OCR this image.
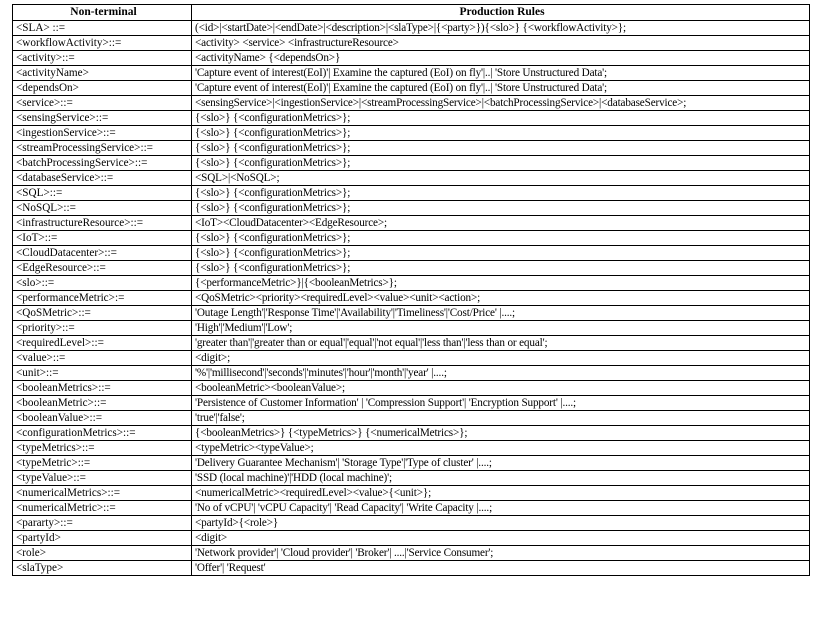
Non-terminal	Production Rules
<SLA> ::=	(<id>|<startDate>|<endDate>|<description>|<slaType>|{<party>}){<slo>} {<workflowActivity>};
<workflowActivity>::=	<activity> <service> <infrastructureResource>
<activity>::=	<activityName> {<dependsOn>}
<activityName>	'Capture event of interest(EoI)'| Examine the captured (EoI) on fly'|..| 'Store Unstructured Data';
<dependsOn>	'Capture event of interest(EoI)'| Examine the captured (EoI) on fly'|..| 'Store Unstructured Data';
<service>::=	<sensingService>|<ingestionService>|<streamProcessingService>|<batchProcessingService>|<databaseService>;
<sensingService>::=	{<slo>} {<configurationMetrics>};
<ingestionService>::=	{<slo>} {<configurationMetrics>};
<streamProcessingService>::=	{<slo>} {<configurationMetrics>};
<batchProcessingService>::=	{<slo>} {<configurationMetrics>};
<databaseService>::=	<SQL>|<NoSQL>;
<SQL>::=	{<slo>} {<configurationMetrics>};
<NoSQL>::=	{<slo>} {<configurationMetrics>};
<infrastructureResource>::=	<IoT><CloudDatacenter><EdgeResource>;
<IoT>::=	{<slo>} {<configurationMetrics>};
<CloudDatacenter>::=	{<slo>} {<configurationMetrics>};
<EdgeResource>::=	{<slo>} {<configurationMetrics>};
<slo>::=	{<performanceMetric>}|{<booleanMetrics>};
<performanceMetric>:=	<QoSMetric><priority><requiredLevel><value><unit><action>;
<QoSMetric>::=	'Outage Length'|'Response Time'|'Availability'|'Timeliness'|'Cost/Price' |....;
<priority>::=	'High'|'Medium'|'Low';
<requiredLevel>::=	'greater than'|'greater than or equal'|'equal'|'not equal'|'less than'|'less than or equal';
<value>::=	<digit>;
<unit>::=	'%'|'millisecond'|'seconds'|'minutes'|'hour'|'month'|'year' |....;
<booleanMetrics>::=	<booleanMetric><booleanValue>;
<booleanMetric>::=	'Persistence of Customer Information' | 'Compression Support'| 'Encryption Support' |....;
<booleanValue>::=	'true'|'false';
<configurationMetrics>::=	{<booleanMetrics>} {<typeMetrics>} {<numericalMetrics>};
<typeMetrics>::=	<typeMetric><typeValue>;
<typeMetric>::=	'Delivery Guarantee Mechanism'| 'Storage Type'|'Type of cluster' |....;
<typeValue>::=	'SSD (local machine)'|'HDD (local machine)';
<numericalMetrics>::=	<numericalMetric><requiredLevel><value>{<unit>};
<numericalMetric>::=	'No of vCPU'| 'vCPU Capacity'| 'Read Capacity'| 'Write Capacity |....;
<pararty>::=	<partyId>{<role>}
<partyId>	<digit>
<role>	'Network provider'| 'Cloud provider'| 'Broker'| ....|'Service Consumer';
<slaType>	'Offer'| 'Request'
